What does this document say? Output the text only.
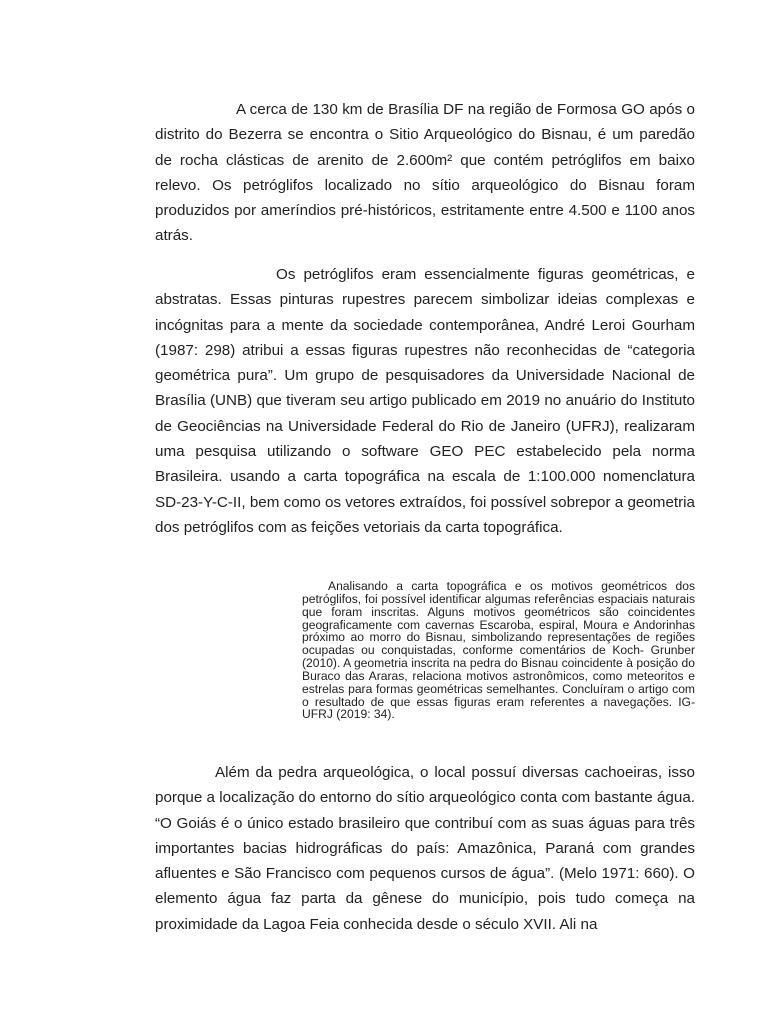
A cerca de 130 km de Brasília DF na região de Formosa GO após o distrito do Bezerra se encontra o Sitio Arqueológico do Bisnau, é um paredão de rocha clásticas de arenito de 2.600m² que contém petróglifos em baixo relevo. Os petróglifos localizado no sítio arqueológico do Bisnau foram produzidos por ameríndios pré-históricos, estritamente entre 4.500 e 1100 anos atrás.

Os petróglifos eram essencialmente figuras geométricas, e abstratas. Essas pinturas rupestres parecem simbolizar ideias complexas e incógnitas para a mente da sociedade contemporânea, André Leroi Gourham (1987: 298) atribui a essas figuras rupestres não reconhecidas de “categoria geométrica pura”. Um grupo de pesquisadores da Universidade Nacional de Brasília (UNB) que tiveram seu artigo publicado em 2019 no anuário do Instituto de Geociências na Universidade Federal do Rio de Janeiro (UFRJ), realizaram uma pesquisa utilizando o software GEO PEC estabelecido pela norma Brasileira. usando a carta topográfica na escala de 1:100.000 nomenclatura SD-23-Y-C-II, bem como os vetores extraídos, foi possível sobrepor a geometria dos petróglifos com as feições vetoriais da carta topográfica.

Analisando a carta topográfica e os motivos geométricos dos petróglifos, foi possível identificar algumas referências espaciais naturais que foram inscritas. Alguns motivos geométricos são coincidentes geograficamente com cavernas Escaroba, espiral, Moura e Andorinhas próximo ao morro do Bisnau, simbolizando representações de regiões ocupadas ou conquistadas, conforme comentários de Koch- Grunber (2010). A geometria inscrita na pedra do Bisnau coincidente à posição do Buraco das Araras, relaciona motivos astronômicos, como meteoritos e estrelas para formas geométricas semelhantes. Concluíram o artigo com o resultado de que essas figuras eram referentes a navegações. IG-UFRJ (2019: 34).

Além da pedra arqueológica, o local possuí diversas cachoeiras, isso porque a localização do entorno do sítio arqueológico conta com bastante água. “O Goiás é o único estado brasileiro que contribuí com as suas águas para três importantes bacias hidrográficas do país: Amazônica, Paraná com grandes afluentes e São Francisco com pequenos cursos de água”. (Melo 1971: 660). O elemento água faz parta da gênese do município, pois tudo começa na proximidade da Lagoa Feia conhecida desde o século XVII. Ali na
